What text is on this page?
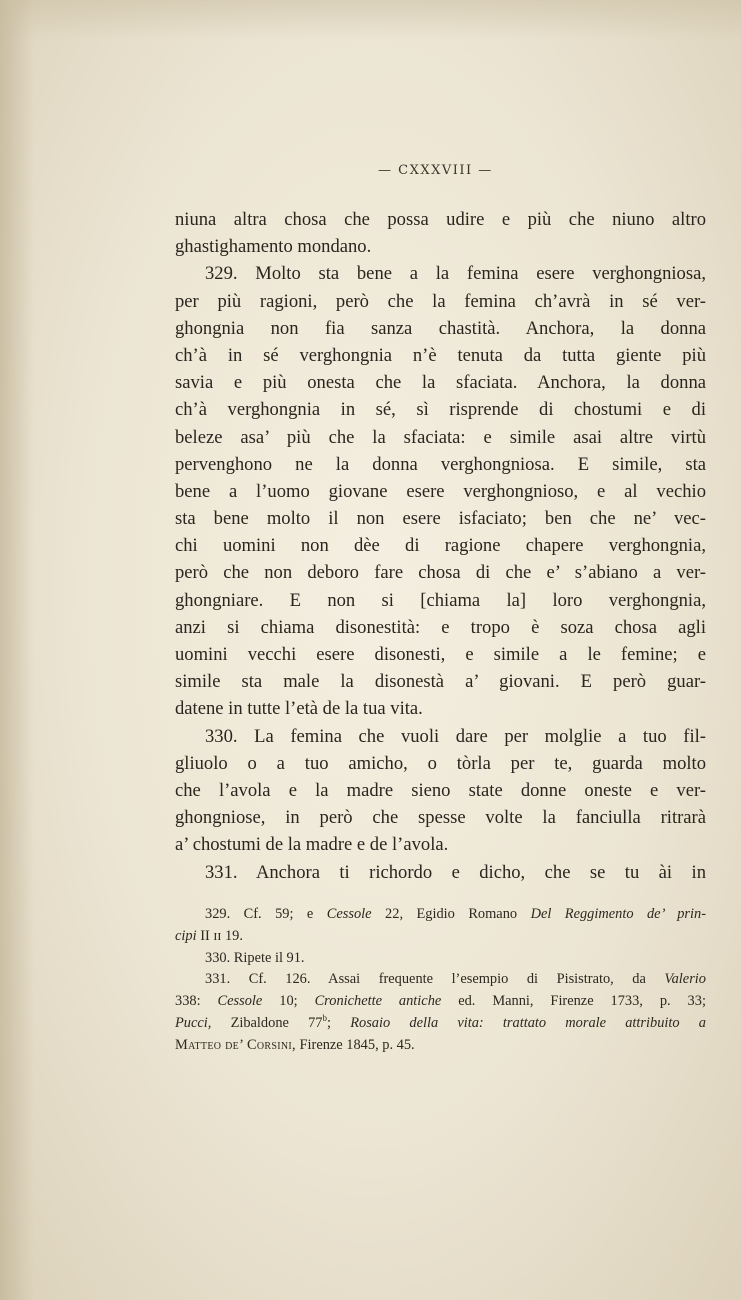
— CXXXVIII —
niuna altra chosa che possa udire e più che niuno altro
ghastighamento mondano.
329. Molto sta bene a la femina esere verghongniosa,
per più ragioni, però che la femina ch’avrà in sé ver-
ghongnia non fia sanza chastità. Anchora, la donna
ch’à in sé verghongnia n’è tenuta da tutta giente più
savia e più onesta che la sfaciata. Anchora, la donna
ch’à verghongnia in sé, sì risprende di chostumi e di
beleze asa’ più che la sfaciata: e simile asai altre virtù
pervenghono ne la donna verghongniosa. E simile, sta
bene a l’uomo giovane esere verghongnioso, e al vechio
sta bene molto il non esere isfaciato; ben che ne’ vec-
chi uomini non dèe di ragione chapere verghongnia,
però che non deboro fare chosa di che e’ s’abiano a ver-
ghongniare. E non si [chiama la] loro verghongnia,
anzi si chiama disonestità: e tropo è soza chosa agli
uomini vecchi esere disonesti, e simile a le femine; e
simile sta male la disonestà a’ giovani. E però guar-
datene in tutte l’età de la tua vita.
330. La femina che vuoli dare per molglie a tuo fil-
gliuolo o a tuo amicho, o tòrla per te, guarda molto
che l’avola e la madre sieno state donne oneste e ver-
ghongniose, in però che spesse volte la fanciulla ritrarà
a’ chostumi de la madre e de l’avola.
331. Anchora ti richordo e dicho, che se tu ài in
329. Cf. 59; e Cessole 22, Egidio Romano Del Reggimento de’ prin-
cipi II ɪɪ 19.
330. Ripete il 91.
331. Cf. 126. Assai frequente l’esempio di Pisistrato, da Valerio
338: Cessole 10; Cronichette antiche ed. Manni, Firenze 1733, p. 33;
Pucci, Zibaldone 77$^b$; Rosaio della vita: trattato morale attribuito a
Matteo de’ Corsini, Firenze 1845, p. 45.
